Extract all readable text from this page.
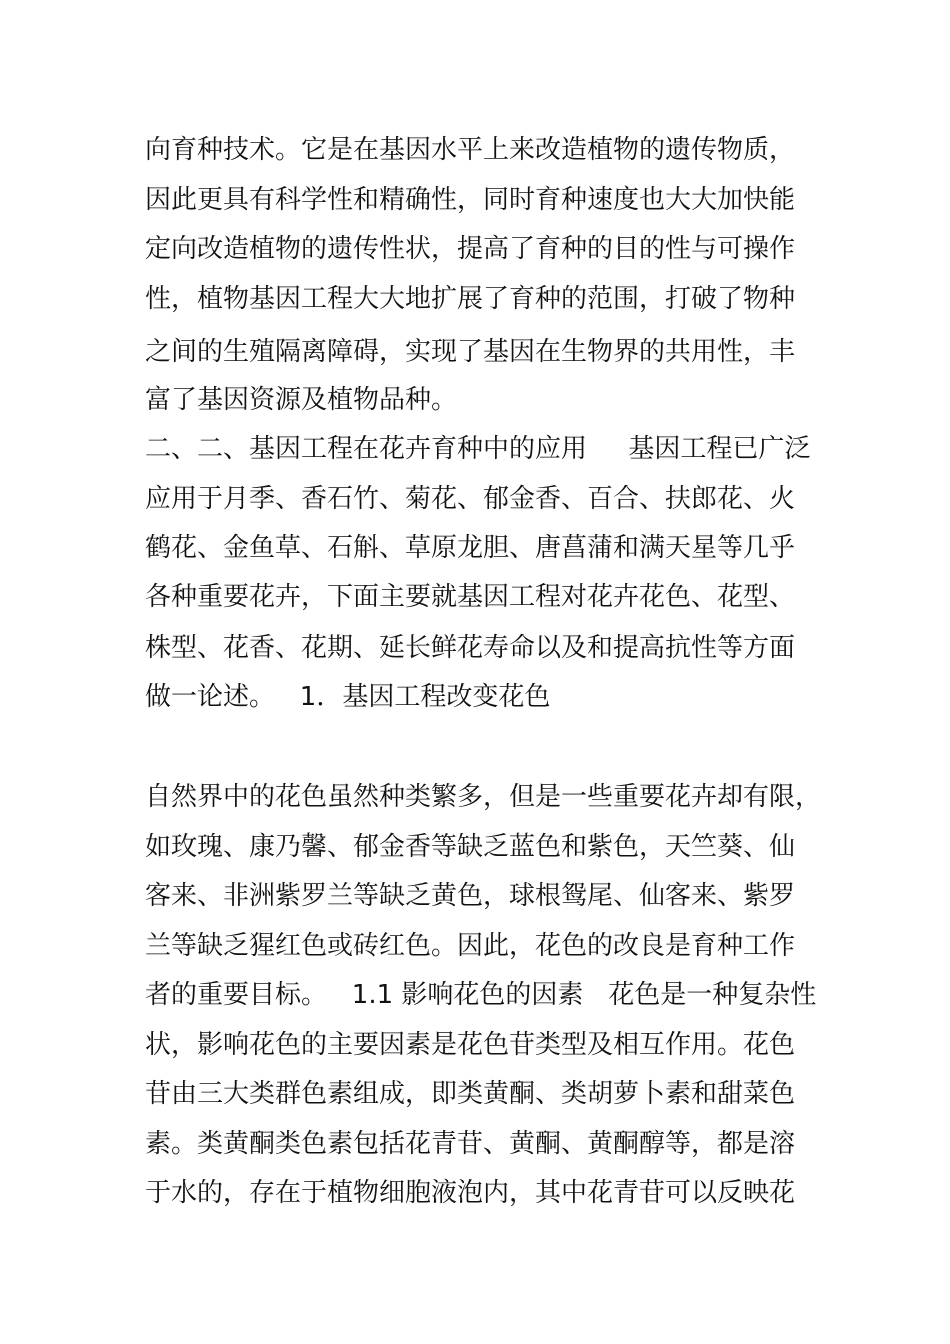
向育种技术。它是在基因水平上来改造植物的遗传物质，
因此更具有科学性和精确性，同时育种速度也大大加快能
定向改造植物的遗传性状，提高了育种的目的性与可操作
性，植物基因工程大大地扩展了育种的范围，打破了物种
之间的生殖隔离障碍，实现了基因在生物界的共用性，丰
富了基因资源及植物品种。
二、二、基因工程在花卉育种中的应用     基因工程已广泛
应用于月季、香石竹、菊花、郁金香、百合、扶郎花、火
鹤花、金鱼草、石斛、草原龙胆、唐菖蒲和满天星等几乎
各种重要花卉，下面主要就基因工程对花卉花色、花型、
株型、花香、花期、延长鲜花寿命以及和提高抗性等方面
做一论述。   1．基因工程改变花色
自然界中的花色虽然种类繁多，但是一些重要花卉却有限，
如玫瑰、康乃馨、郁金香等缺乏蓝色和紫色，天竺葵、仙
客来、非洲紫罗兰等缺乏黄色，球根鸳尾、仙客来、紫罗
兰等缺乏猩红色或砖红色。因此，花色的改良是育种工作
者的重要目标。   1.1 影响花色的因素   花色是一种复杂性
状，影响花色的主要因素是花色苷类型及相互作用。花色
苷由三大类群色素组成，即类黄酮、类胡萝卜素和甜菜色
素。类黄酮类色素包括花青苷、黄酮、黄酮醇等，都是溶
于水的，存在于植物细胞液泡内，其中花青苷可以反映花
